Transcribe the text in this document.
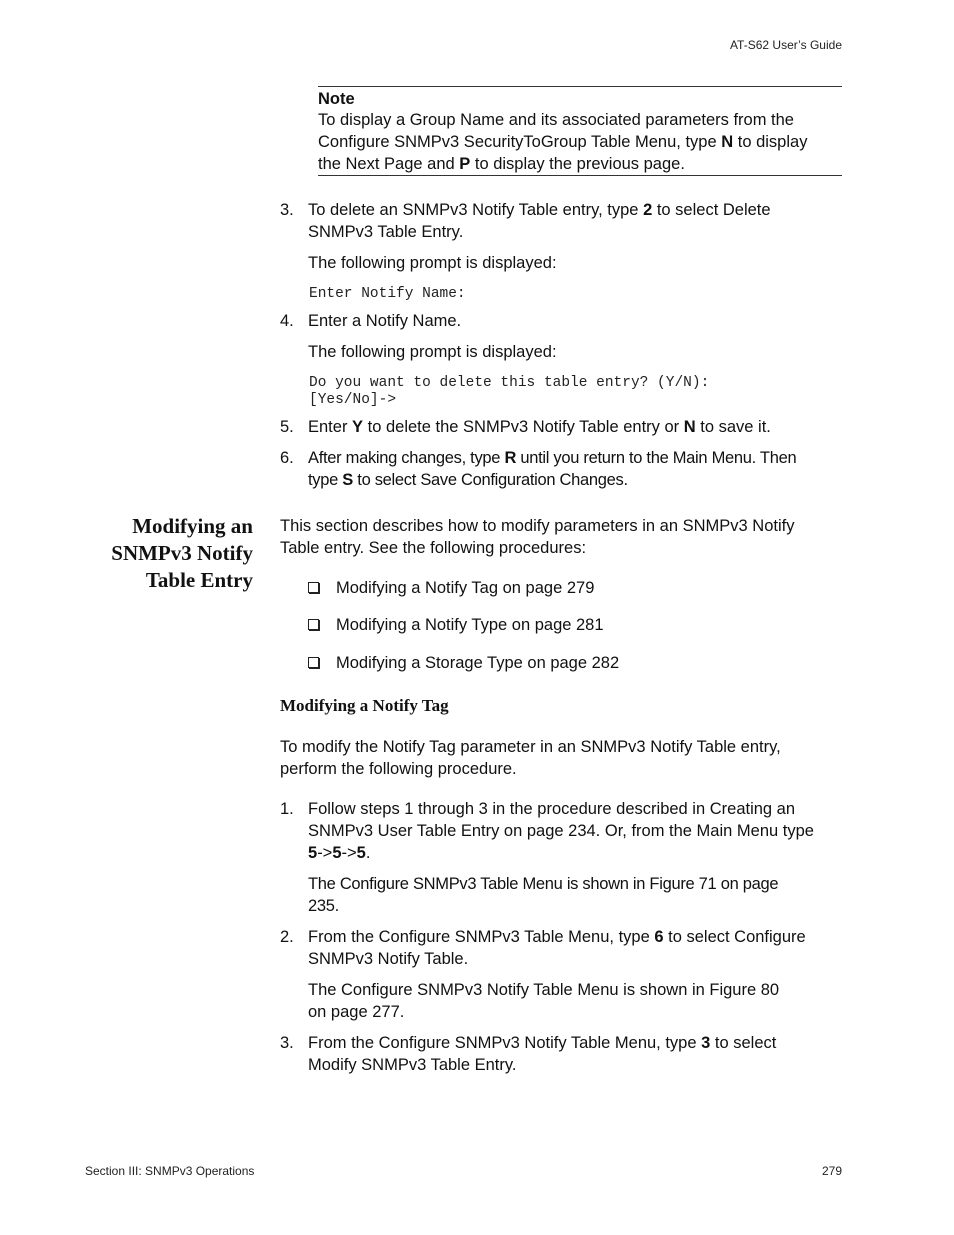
AT-S62 User’s Guide
Note
To display a Group Name and its associated parameters from the
Configure SNMPv3 SecurityToGroup Table Menu, type N to display
the Next Page and P to display the previous page.
3. To delete an SNMPv3 Notify Table entry, type 2 to select Delete
SNMPv3 Table Entry.
The following prompt is displayed:
Enter Notify Name:
4. Enter a Notify Name.
The following prompt is displayed:
Do you want to delete this table entry? (Y/N):
[Yes/No]->
5. Enter Y to delete the SNMPv3 Notify Table entry or N to save it.
6. After making changes, type R until you return to the Main Menu. Then
type S to select Save Configuration Changes.
Modifying an
SNMPv3 Notify
Table Entry
This section describes how to modify parameters in an SNMPv3 Notify
Table entry. See the following procedures:
Modifying a Notify Tag on page 279
Modifying a Notify Type on page 281
Modifying a Storage Type on page 282
Modifying a Notify Tag
To modify the Notify Tag parameter in an SNMPv3 Notify Table entry,
perform the following procedure.
1. Follow steps 1 through 3 in the procedure described in Creating an
SNMPv3 User Table Entry on page 234. Or, from the Main Menu type
5->5->5.
The Configure SNMPv3 Table Menu is shown in Figure 71 on page
235.
2. From the Configure SNMPv3 Table Menu, type 6 to select Configure
SNMPv3 Notify Table.
The Configure SNMPv3 Notify Table Menu is shown in Figure 80
on page 277.
3. From the Configure SNMPv3 Notify Table Menu, type 3 to select
Modify SNMPv3 Table Entry.
Section III: SNMPv3 Operations	279
